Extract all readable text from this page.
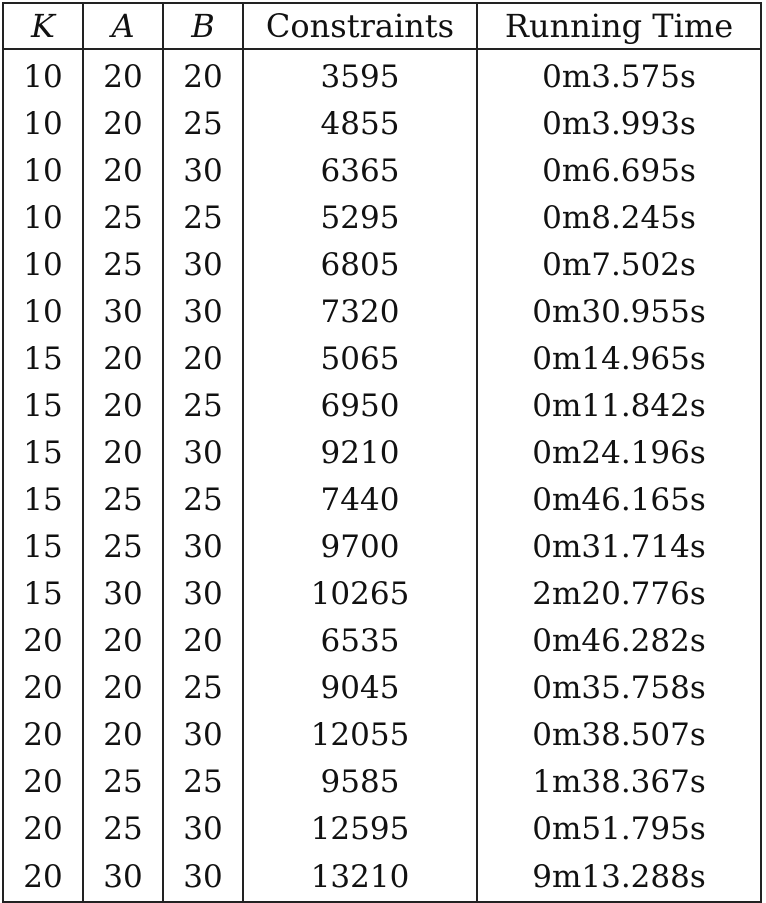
K	A	B	Constraints	Running Time
10	20	20	3595	0m3.575s
10	20	25	4855	0m3.993s
10	20	30	6365	0m6.695s
10	25	25	5295	0m8.245s
10	25	30	6805	0m7.502s
10	30	30	7320	0m30.955s
15	20	20	5065	0m14.965s
15	20	25	6950	0m11.842s
15	20	30	9210	0m24.196s
15	25	25	7440	0m46.165s
15	25	30	9700	0m31.714s
15	30	30	10265	2m20.776s
20	20	20	6535	0m46.282s
20	20	25	9045	0m35.758s
20	20	30	12055	0m38.507s
20	25	25	9585	1m38.367s
20	25	30	12595	0m51.795s
20	30	30	13210	9m13.288s
